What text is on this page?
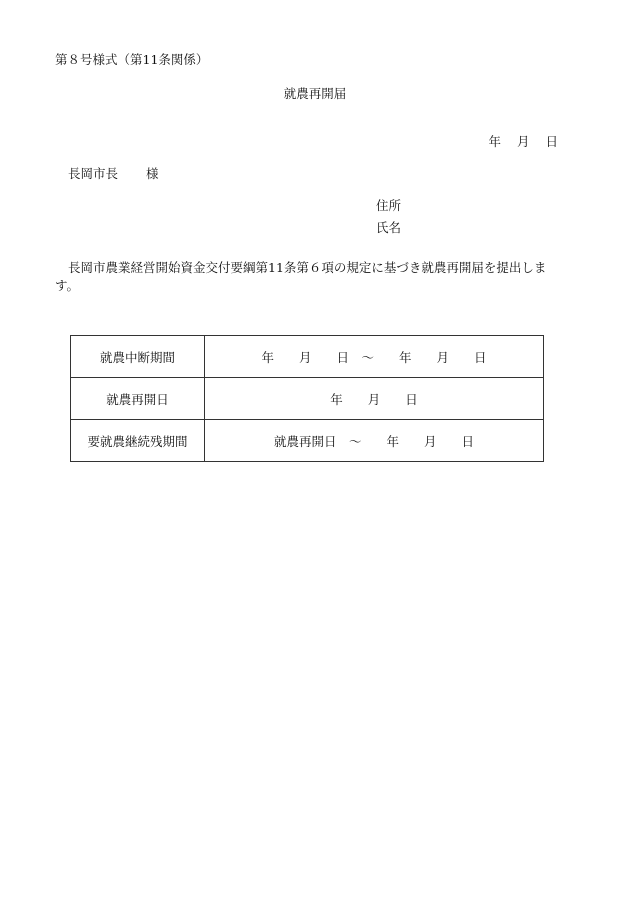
第８号様式（第11条関係）
就農再開届
年 月 日
長岡市長 様
住所
氏名
長岡市農業経営開始資金交付要綱第11条第６項の規定に基づき就農再開届を提出します。
就農中断期間	年　　月　　日　～　　年　　月　　日
就農再開日	年　　月　　日
要就農継続残期間	就農再開日　～　　年　　月　　日
